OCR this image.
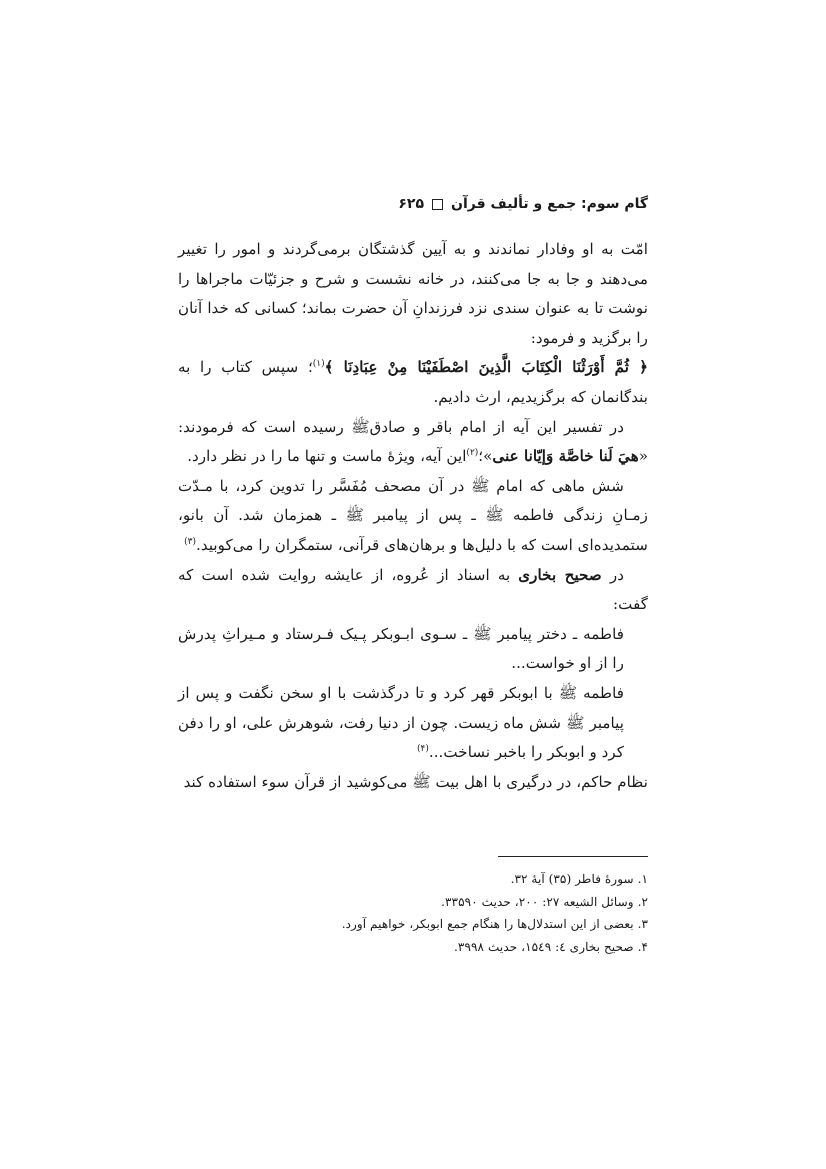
گام سوم: جمع و تألیف قرآن
۶۲۵

امّت به او وفادار نماندند و به آیین گذشتگان برمی‌گردند و امور را تغییر می‌دهند و جا به جا می‌کنند، در خانه نشست و شرح و جزئیّات ماجراها را نوشت تا به عنوان سندی نزد فرزندانِ آن حضرت بماند؛ کسانی که خدا آنان را برگزید و فرمود:

﴿ ثُمَّ أَوْرَثْنَا الْكِتَابَ الَّذِينَ اصْطَفَيْنَا مِنْ عِبَادِنَا ﴾$^{(۱)}$؛ سپس کتاب را به بندگانمان که برگزیدیم، ارث دادیم.

در تفسیر این آیه از امام باقر و صادقﷺ رسیده است که فرمودند: «هيَ لَنا خاصَّة وَإيّانا عنى»؛$^{(۲)}$این آیه، ویژهٔ ماست و تنها ما را در نظر دارد.

شش ماهی که امام ﷺ در آن مصحف مُفَسَّر را تدوین کرد، با مـدّت زمـانِ زندگی فاطمه ﷺ ـ پس از پیامبر ﷺ ـ همزمان شد. آن بانو، ستمدیده‌ای است که با دلیل‌ها و برهان‌های قرآنی، ستمگران را می‌کوبید.$^{(۳)}$

در صحیح بخاری به اسناد از عُروه، از عایشه روایت شده است که گفت:

فاطمه ـ دختر پیامبر ﷺ ـ سـوی ابـوبکر پـیک فـرستاد و مـیراثِ پدرش را از او خواست...

فاطمه ﷺ با ابوبکر قهر کرد و تا درگذشت با او سخن نگفت و پس از پیامبر ﷺ شش ماه زیست. چون از دنیا رفت، شوهرش علی، او را دفن کرد و ابوبکر را باخبر نساخت...$^{(۴)}$

نظام حاکم، در درگیری با اهل بیت ﷺ می‌کوشید از قرآن سوء استفاده کند

۱. سورهٔ فاطر (۳۵) آیهٔ ۳۲.
۲. وسائل الشیعه ۲۷: ۲۰۰، حدیث ۳۳۵۹۰.
۳. بعضی از این استدلال‌ها را هنگام جمع ابوبکر، خواهیم آورد.
۴. صحیح بخاری ٤: ۱۵٤۹، حدیث ۳۹۹۸.
